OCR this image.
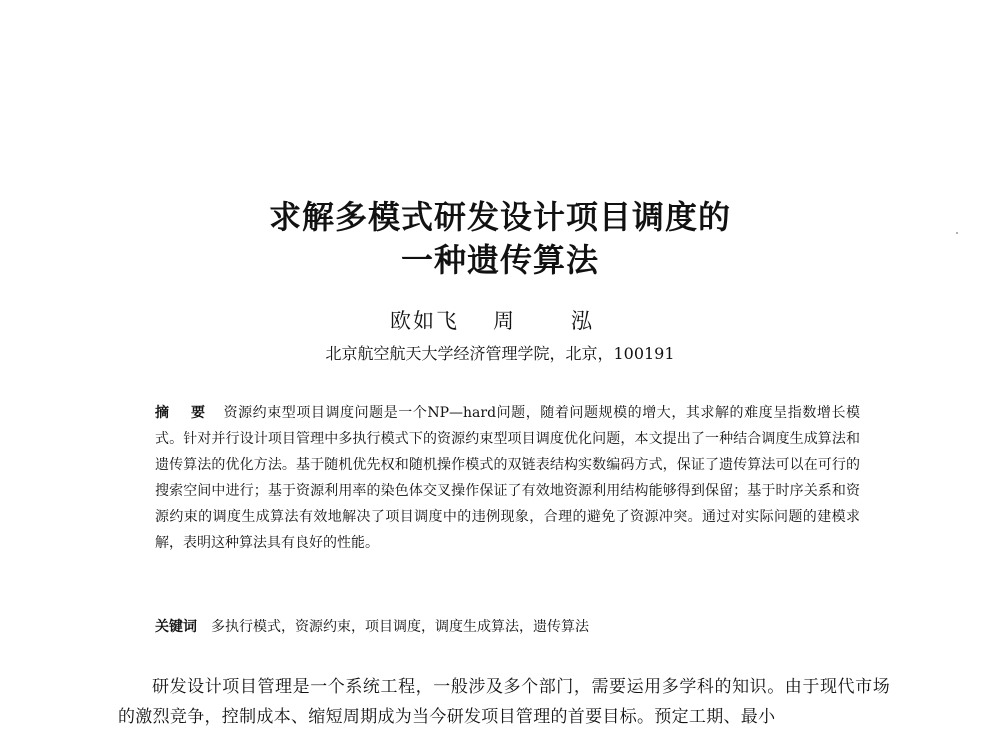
求解多模式研发设计项目调度的
一种遗传算法
欧如飞 周　泓
北京航空航天大学经济管理学院，北京，100191
摘 要 资源约束型项目调度问题是一个NP—hard问题，随着问题规模的增大，其求解的难度呈指数增长模式。针对并行设计项目管理中多执行模式下的资源约束型项目调度优化问题，本文提出了一种结合调度生成算法和遗传算法的优化方法。基于随机优先权和随机操作模式的双链表结构实数编码方式，保证了遗传算法可以在可行的搜索空间中进行；基于资源利用率的染色体交叉操作保证了有效地资源利用结构能够得到保留；基于时序关系和资源约束的调度生成算法有效地解决了项目调度中的违例现象，合理的避免了资源冲突。通过对实际问题的建模求解，表明这种算法具有良好的性能。
关键词 多执行模式，资源约束，项目调度，调度生成算法，遗传算法
研发设计项目管理是一个系统工程，一般涉及多个部门，需要运用多学科的知识。由于现代市场的激烈竞争，控制成本、缩短周期成为当今研发项目管理的首要目标。预定工期、最小
